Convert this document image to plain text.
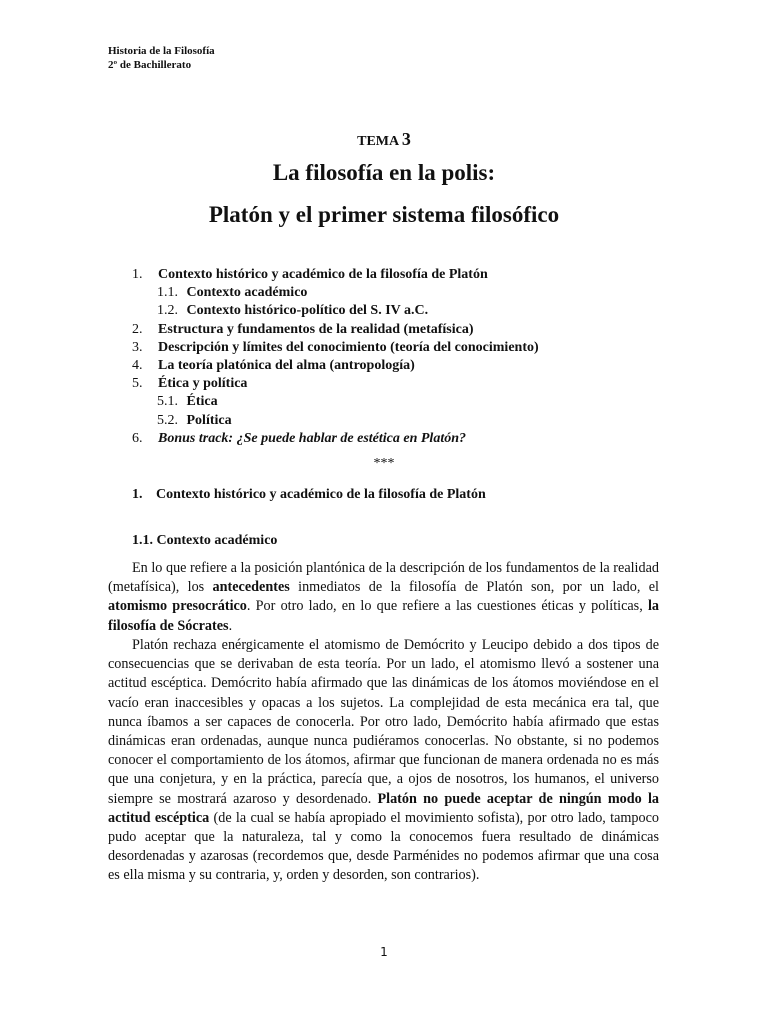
Historia de la Filosofía
2º de Bachillerato
TEMA 3
La filosofía en la polis:
Platón y el primer sistema filosófico
1. Contexto histórico y académico de la filosofía de Platón
1.1. Contexto académico
1.2. Contexto histórico-político del S. IV a.C.
2. Estructura y fundamentos de la realidad (metafísica)
3. Descripción y límites del conocimiento (teoría del conocimiento)
4. La teoría platónica del alma (antropología)
5. Ética y política
5.1. Ética
5.2. Política
6. Bonus track: ¿Se puede hablar de estética en Platón?
***
1. Contexto histórico y académico de la filosofía de Platón
1.1. Contexto académico

En lo que refiere a la posición plantónica de la descripción de los fundamentos de la realidad (metafísica), los antecedentes inmediatos de la filosofía de Platón son, por un lado, el atomismo presocrático. Por otro lado, en lo que refiere a las cuestiones éticas y políticas, la filosofía de Sócrates.

Platón rechaza enérgicamente el atomismo de Demócrito y Leucipo debido a dos tipos de consecuencias que se derivaban de esta teoría. Por un lado, el atomismo llevó a sostener una actitud escéptica. Demócrito había afirmado que las dinámicas de los átomos moviéndose en el vacío eran inaccesibles y opacas a los sujetos. La complejidad de esta mecánica era tal, que nunca íbamos a ser capaces de conocerla. Por otro lado, Demócrito había afirmado que estas dinámicas eran ordenadas, aunque nunca pudiéramos conocerlas. No obstante, si no podemos conocer el comportamiento de los átomos, afirmar que funcionan de manera ordenada no es más que una conjetura, y en la práctica, parecía que, a ojos de nosotros, los humanos, el universo siempre se mostrará azaroso y desordenado. Platón no puede aceptar de ningún modo la actitud escéptica (de la cual se había apropiado el movimiento sofista), por otro lado, tampoco pudo aceptar que la naturaleza, tal y como la conocemos fuera resultado de dinámicas desordenadas y azarosas (recordemos que, desde Parménides no podemos afirmar que una cosa es ella misma y su contraria, y, orden y desorden, son contrarios).

1
